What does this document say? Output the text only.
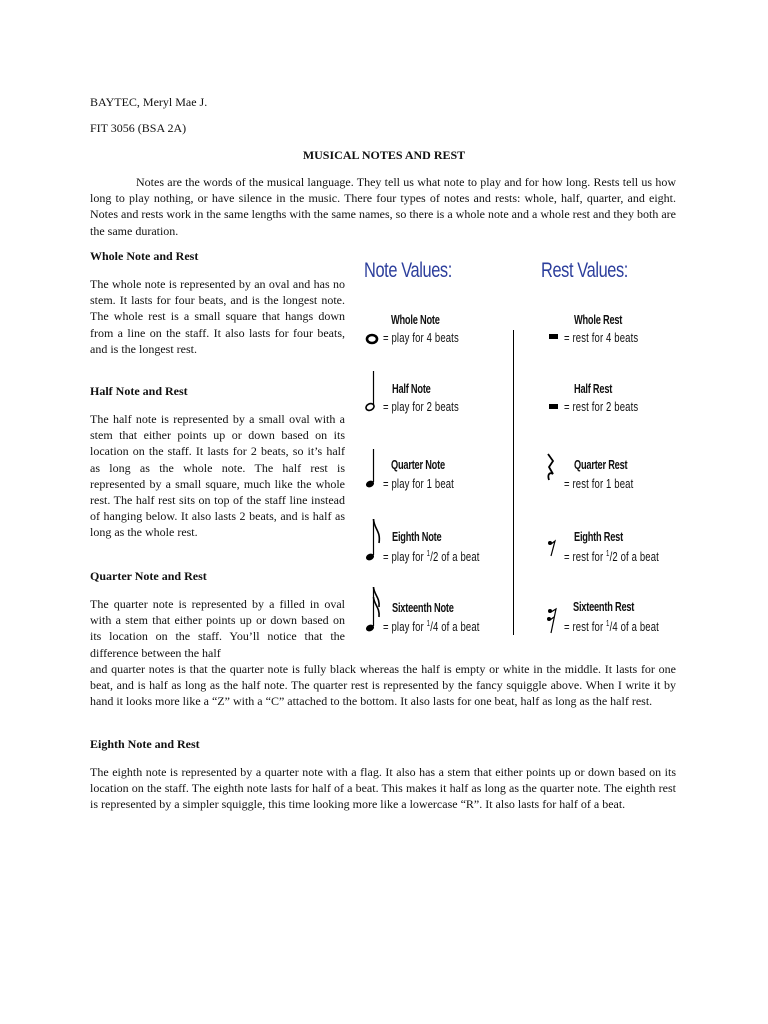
BAYTEC, Meryl Mae J.
FIT 3056 (BSA 2A)
MUSICAL NOTES AND REST

Notes are the words of the musical language. They tell us what note to play and for how long. Rests tell us how long to play nothing, or have silence in the music. There four types of notes and rests: whole, half, quarter, and eight. Notes and rests work in the same lengths with the same names, so there is a whole note and a whole rest and they both are the same duration.

Whole Note and Rest

The whole note is represented by an oval and has no stem. It lasts for four beats, and is the longest note. The whole rest is a small square that hangs down from a line on the staff. It also lasts for four beats, and is the longest rest.

Half Note and Rest

The half note is represented by a small oval with a stem that either points up or down based on its location on the staff. It lasts for 2 beats, so it’s half as long as the whole note. The half rest is represented by a small square, much like the whole rest. The half rest sits on top of the staff line instead of hanging below. It also lasts 2 beats, and is half as long as the whole rest.

Quarter Note and Rest

The quarter note is represented by a filled in oval with a stem that either points up or down based on its location on the staff. You’ll notice that the difference between the half

and quarter notes is that the quarter note is fully black whereas the half is empty or white in the middle. It lasts for one beat, and is half as long as the half note. The quarter rest is represented by the fancy squiggle above. When I write it by hand it looks more like a “Z” with a “C” attached to the bottom. It also lasts for one beat, half as long as the half rest.

Eighth Note and Rest

The eighth note is represented by a quarter note with a flag. It also has a stem that either points up or down based on its location on the staff. The eighth note lasts for half of a beat. This makes it half as long as the quarter note. The eighth rest is represented by a simpler squiggle, this time looking more like a lowercase “R”. It also lasts for half of a beat.

Note Values:	Rest Values:
Whole Note
= play for 4 beats
Half Note
= play for 2 beats
Quarter Note
= play for 1 beat
Eighth Note
= play for $^1$/2 of a beat
Sixteenth Note
= play for $^1$/4 of a beat
Whole Rest
= rest for 4 beats
Half Rest
= rest for 2 beats
Quarter Rest
= rest for 1 beat
Eighth Rest
= rest for $^1$/2 of a beat
Sixteenth Rest
= rest for $^1$/4 of a beat
